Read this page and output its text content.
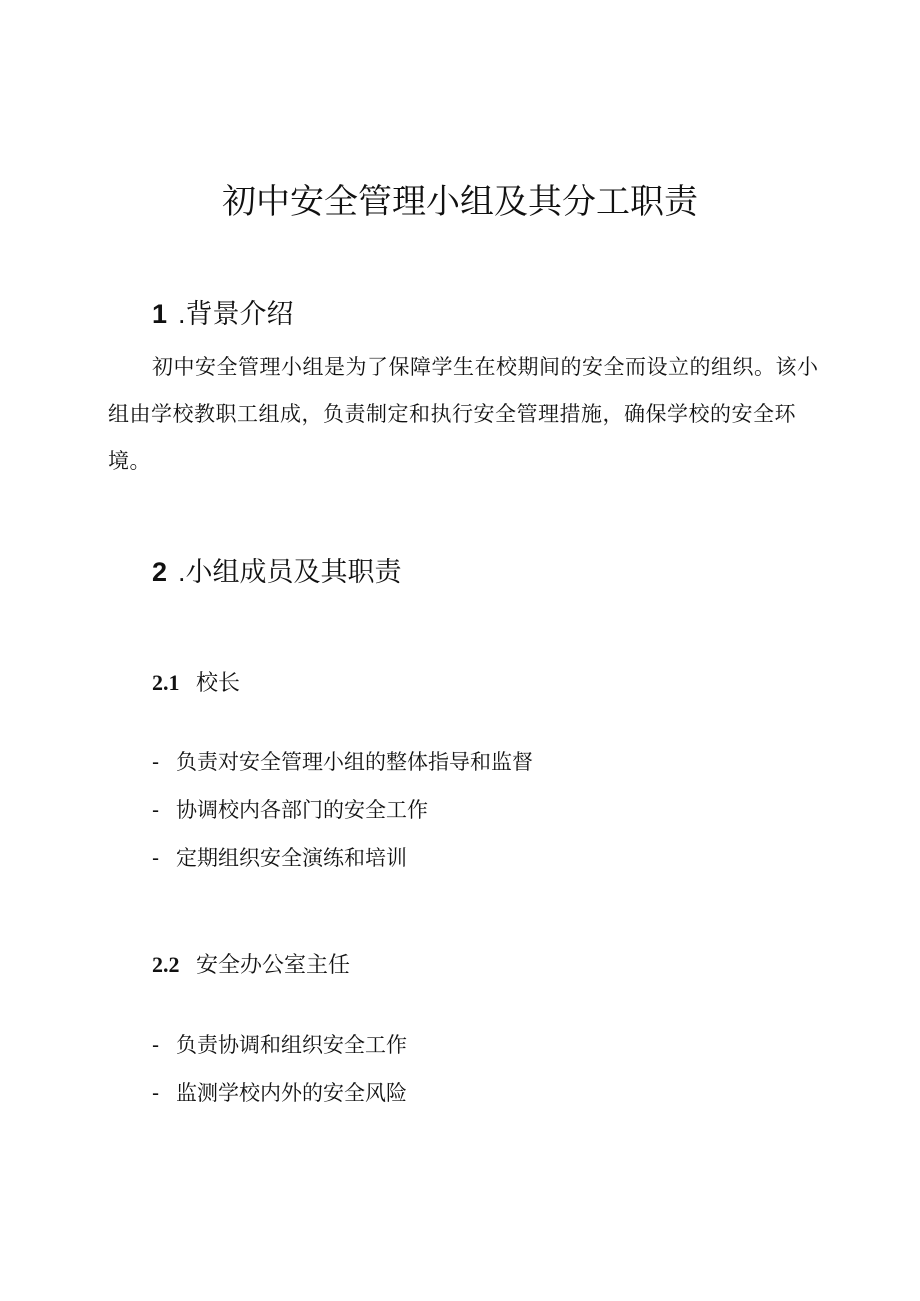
初中安全管理小组及其分工职责
1 .背景介绍

初中安全管理小组是为了保障学生在校期间的安全而设立的组织。该小组由学校教职工组成，负责制定和执行安全管理措施，确保学校的安全环境。

2 .小组成员及其职责
2.1 校长
- 负责对安全管理小组的整体指导和监督
- 协调校内各部门的安全工作
- 定期组织安全演练和培训
2.2 安全办公室主任
- 负责协调和组织安全工作
- 监测学校内外的安全风险
